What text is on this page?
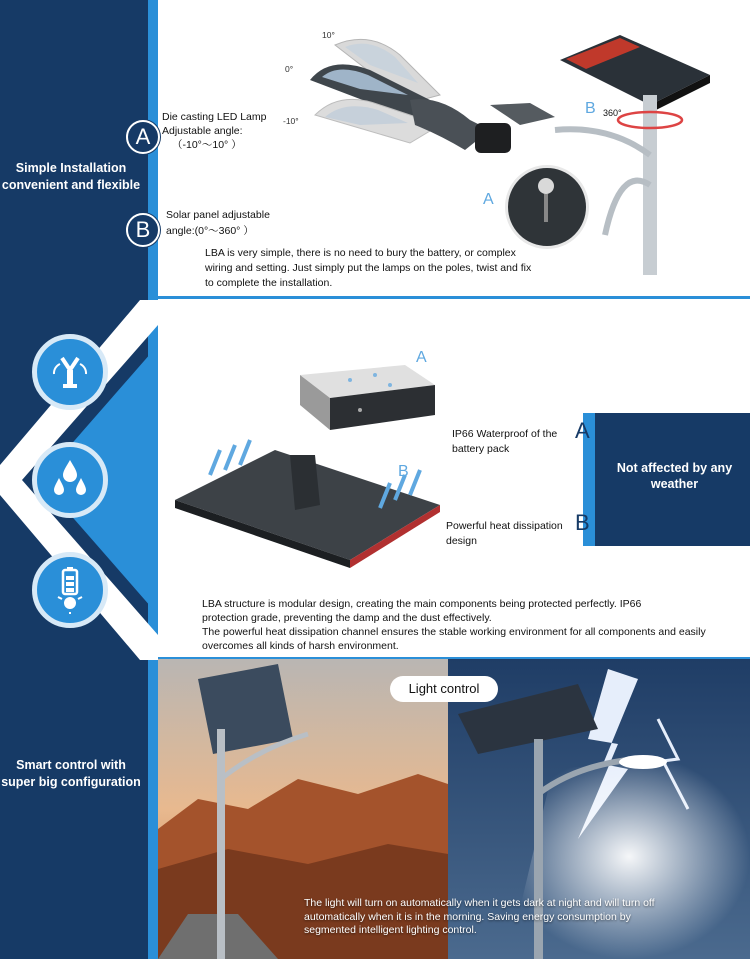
Simple Installation convenient and flexible
Smart control with super big configuration
10°
0°
-10°
A
Die casting LED Lamp
Adjustable angle:
（-10°～10° ）
B
Solar panel adjustable
angle:(0°～360° ）
A
B 360°
LBA is very simple, there is no need to bury the battery, or complex wiring and setting. Just simply put the lamps on the poles, twist and fix to complete the installation.
A
B
IP66 Waterproof of the battery pack
Powerful heat dissipation design
A
B
Not affected by any weather
LBA structure is modular design, creating the main components being protected perfectly. IP66 protection grade, preventing the damp and the dust effectively.
The powerful heat dissipation channel ensures the stable working environment for all components and easily overcomes all kinds of harsh environment.
Light control
The light will turn on automatically when it gets dark at night and will turn off automatically when it is in the morning. Saving energy consumption by segmented intelligent lighting control.
